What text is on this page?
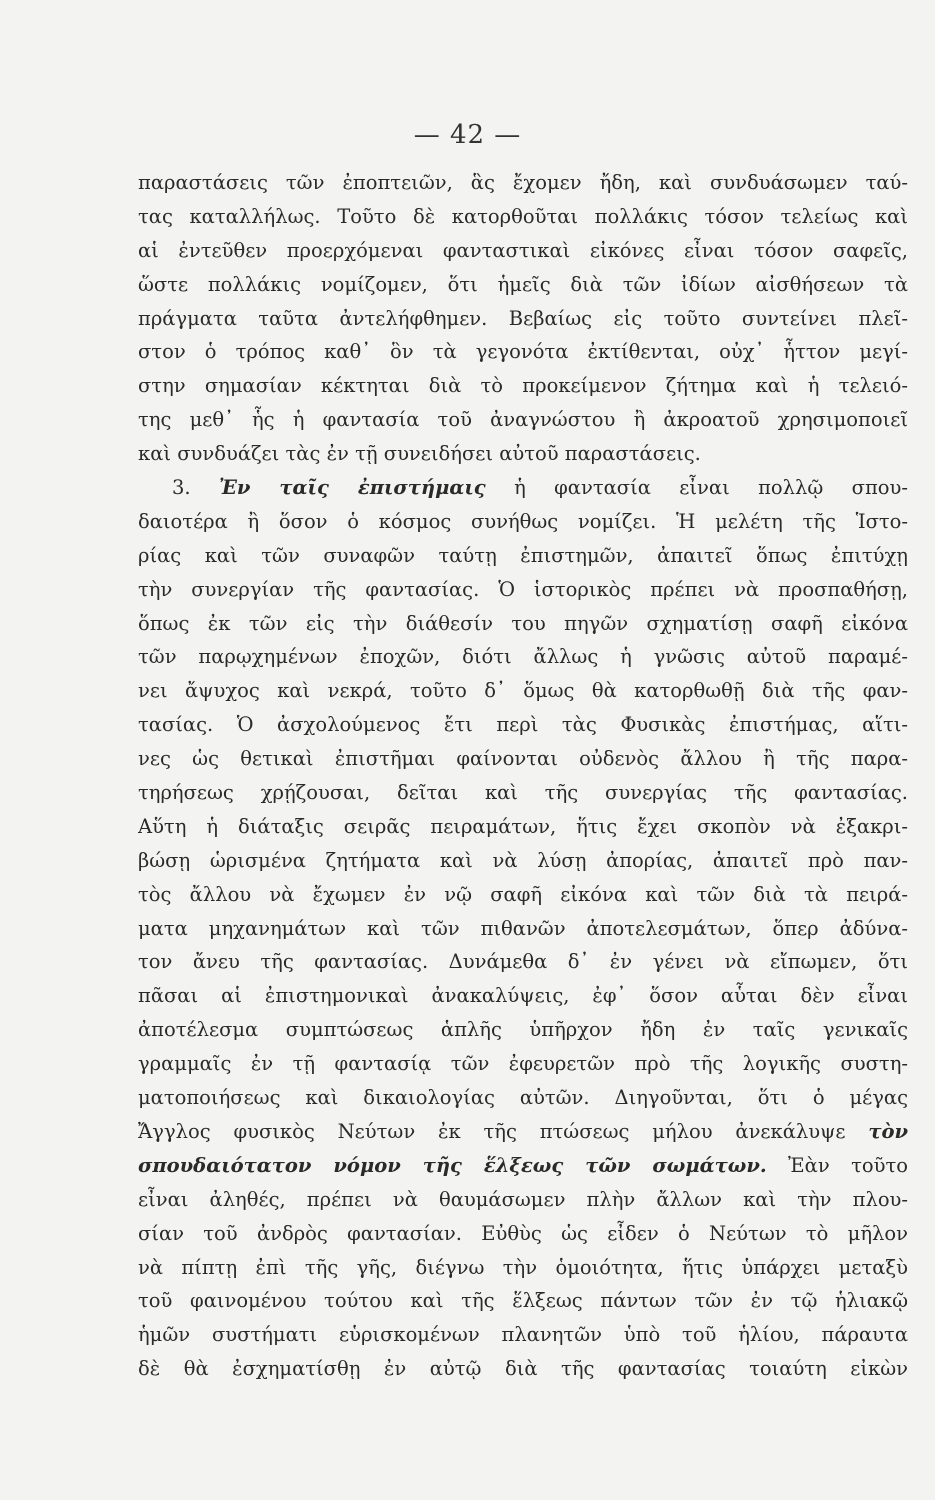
— 42 —
παραστάσεις τῶν ἐποπτειῶν, ἃς ἔχομεν ἤδη, καὶ συνδυάσωμεν ταύ-
τας καταλλήλως. Τοῦτο δὲ κατορθοῦται πολλάκις τόσον τελείως καὶ
αἱ ἐντεῦθεν προερχόμεναι φανταστικαὶ εἰκόνες εἶναι τόσον σαφεῖς,
ὥστε πολλάκις νομίζομεν, ὅτι ἡμεῖς διὰ τῶν ἰδίων αἰσθήσεων τὰ
πράγματα ταῦτα ἀντελήφθημεν. Βεβαίως εἰς τοῦτο συντείνει πλεῖ-
στον ὁ τρόπος καθ᾿ ὃν τὰ γεγονότα ἐκτίθενται, οὐχ᾿ ἧττον μεγί-
στην σημασίαν κέκτηται διὰ τὸ προκείμενον ζήτημα καὶ ἡ τελειό-
της μεθ᾿ ἧς ἡ φαντασία τοῦ ἀναγνώστου ἢ ἀκροατοῦ χρησιμοποιεῖ
καὶ συνδυάζει τὰς ἐν τῇ συνειδήσει αὐτοῦ παραστάσεις.
3. Ἐν ταῖς ἐπιστήμαις ἡ φαντασία εἶναι πολλῷ σπου-
δαιοτέρα ἢ ὅσον ὁ κόσμος συνήθως νομίζει. Ἡ μελέτη τῆς Ἱστο-
ρίας καὶ τῶν συναφῶν ταύτῃ ἐπιστημῶν, ἀπαιτεῖ ὅπως ἐπιτύχῃ
τὴν συνεργίαν τῆς φαντασίας. Ὁ ἱστορικὸς πρέπει νὰ προσπαθήσῃ,
ὅπως ἐκ τῶν εἰς τὴν διάθεσίν του πηγῶν σχηματίσῃ σαφῆ εἰκόνα
τῶν παρῳχημένων ἐποχῶν, διότι ἄλλως ἡ γνῶσις αὐτοῦ παραμέ-
νει ἄψυχος καὶ νεκρά, τοῦτο δ᾿ ὅμως θὰ κατορθωθῇ διὰ τῆς φαν-
τασίας. Ὁ ἀσχολούμενος ἔτι περὶ τὰς Φυσικὰς ἐπιστήμας, αἵτι-
νες ὡς θετικαὶ ἐπιστῆμαι φαίνονται οὐδενὸς ἄλλου ἢ τῆς παρα-
τηρήσεως χρῄζουσαι, δεῖται καὶ τῆς συνεργίας τῆς φαντασίας.
Αὕτη ἡ διάταξις σειρᾶς πειραμάτων, ἥτις ἔχει σκοπὸν νὰ ἐξακρι-
βώσῃ ὡρισμένα ζητήματα καὶ νὰ λύσῃ ἀπορίας, ἀπαιτεῖ πρὸ παν-
τὸς ἄλλου νὰ ἔχωμεν ἐν νῷ σαφῆ εἰκόνα καὶ τῶν διὰ τὰ πειρά-
ματα μηχανημάτων καὶ τῶν πιθανῶν ἀποτελεσμάτων, ὅπερ ἀδύνα-
τον ἄνευ τῆς φαντασίας. Δυνάμεθα δ᾿ ἐν γένει νὰ εἴπωμεν, ὅτι
πᾶσαι αἱ ἐπιστημονικαὶ ἀνακαλύψεις, ἐφ᾿ ὅσον αὗται δὲν εἶναι
ἀποτέλεσμα συμπτώσεως ἁπλῆς ὑπῆρχον ἤδη ἐν ταῖς γενικαῖς
γραμμαῖς ἐν τῇ φαντασίᾳ τῶν ἐφευρετῶν πρὸ τῆς λογικῆς συστη-
ματοποιήσεως καὶ δικαιολογίας αὐτῶν. Διηγοῦνται, ὅτι ὁ μέγας
Ἄγγλος φυσικὸς Νεύτων ἐκ τῆς πτώσεως μήλου ἀνεκάλυψε τὸν
σπουδαιότατον νόμον τῆς ἕλξεως τῶν σωμάτων. Ἐὰν τοῦτο
εἶναι ἀληθές, πρέπει νὰ θαυμάσωμεν πλὴν ἄλλων καὶ τὴν πλου-
σίαν τοῦ ἀνδρὸς φαντασίαν. Εὐθὺς ὡς εἶδεν ὁ Νεύτων τὸ μῆλον
νὰ πίπτῃ ἐπὶ τῆς γῆς, διέγνω τὴν ὁμοιότητα, ἥτις ὑπάρχει μεταξὺ
τοῦ φαινομένου τούτου καὶ τῆς ἕλξεως πάντων τῶν ἐν τῷ ἡλιακῷ
ἡμῶν συστήματι εὑρισκομένων πλανητῶν ὑπὸ τοῦ ἡλίου, πάραυτα
δὲ θὰ ἐσχηματίσθῃ ἐν αὐτῷ διὰ τῆς φαντασίας τοιαύτη εἰκὼν
